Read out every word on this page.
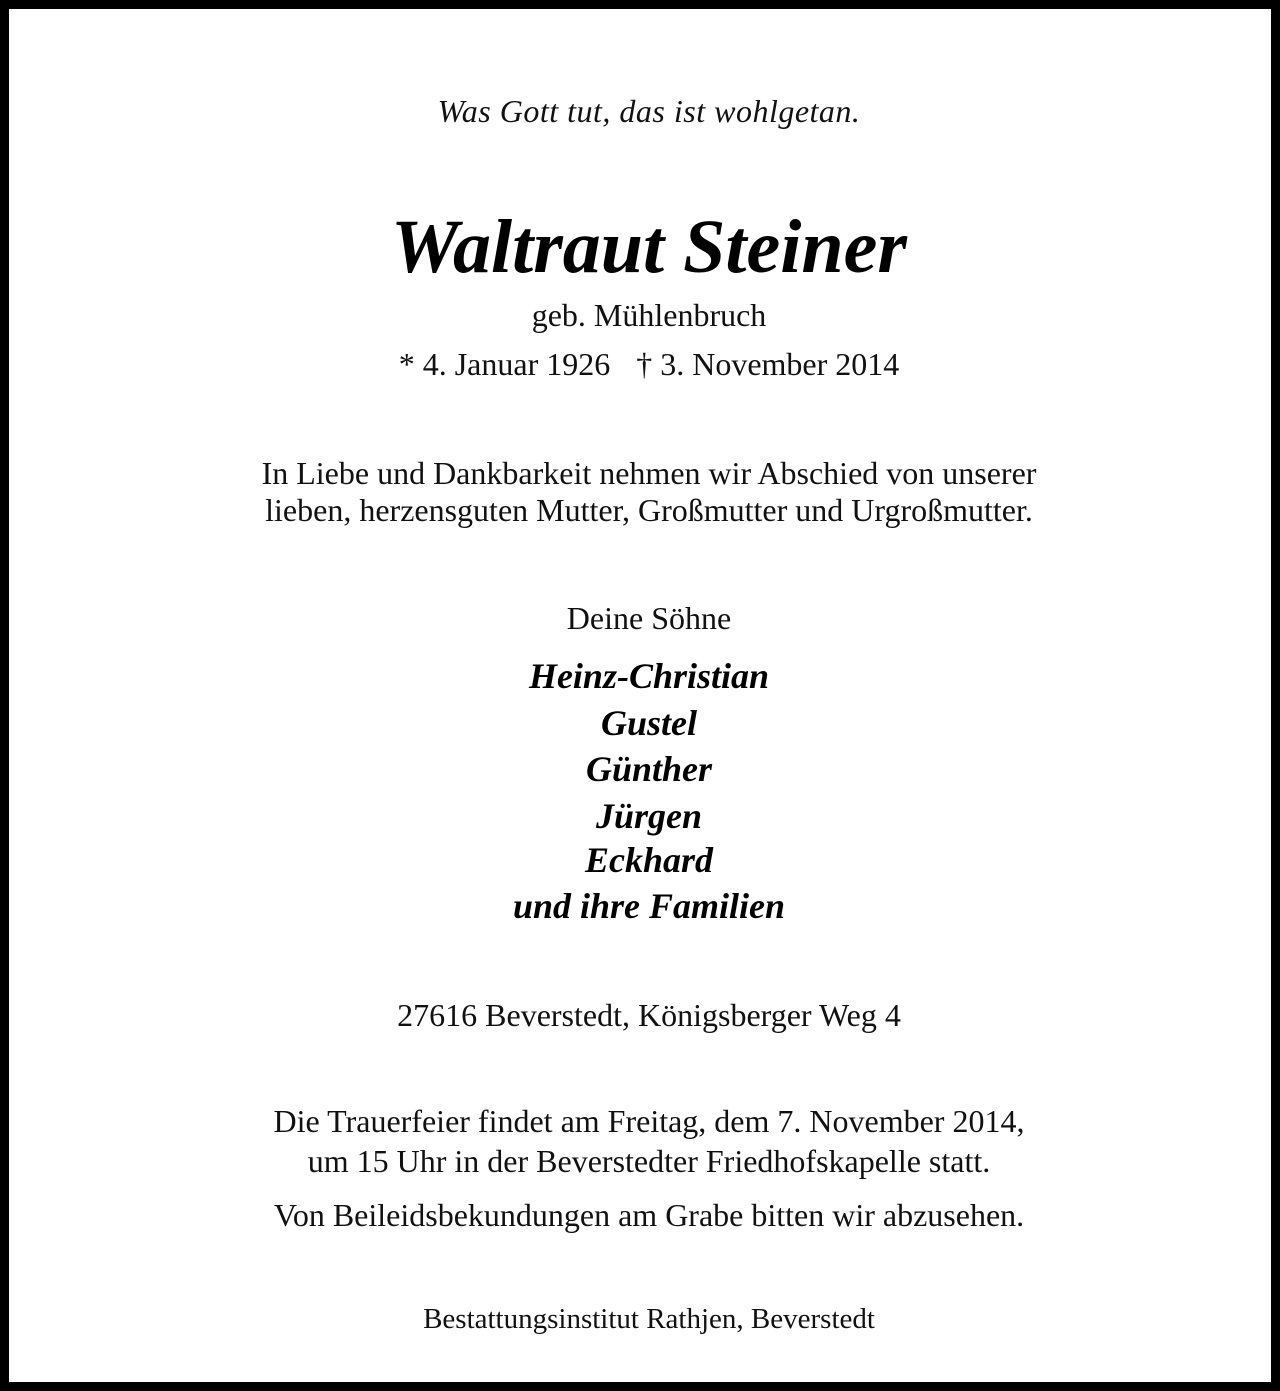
Was Gott tut, das ist wohlgetan.
Waltraut Steiner
geb. Mühlenbruch
* 4. Januar 1926 † 3. November 2014
In Liebe und Dankbarkeit nehmen wir Abschied von unserer
lieben, herzensguten Mutter, Großmutter und Urgroßmutter.
Deine Söhne
Heinz-Christian
Gustel
Günther
Jürgen
Eckhard
und ihre Familien
27616 Beverstedt, Königsberger Weg 4
Die Trauerfeier findet am Freitag, dem 7. November 2014,
um 15 Uhr in der Beverstedter Friedhofskapelle statt.
Von Beileidsbekundungen am Grabe bitten wir abzusehen.
Bestattungsinstitut Rathjen, Beverstedt
